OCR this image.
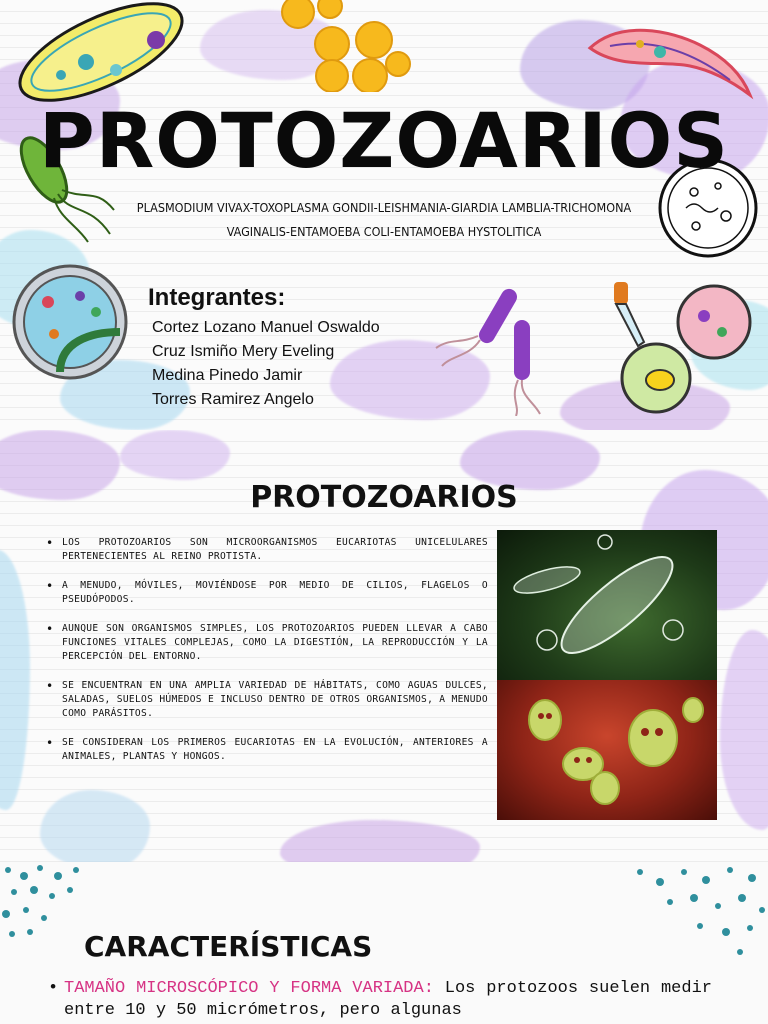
PROTOZOARIOS

PLASMODIUM VIVAX-TOXOPLASMA GONDII-LEISHMANIA-GIARDIA LAMBLIA-TRICHOMONA VAGINALIS-ENTAMOEBA COLI-ENTAMOEBA HYSTOLITICA

Integrantes:
Cortez Lozano Manuel Oswaldo
Cruz Ismiño Mery Eveling
Medina Pinedo Jamir
Torres Ramirez Angelo
PROTOZOARIOS
• LOS PROTOZOARIOS SON MICROORGANISMOS EUCARIOTAS UNICELULARES PERTENECIENTES AL REINO PROTISTA.
• A MENUDO, MÓVILES, MOVIÉNDOSE POR MEDIO DE CILIOS, FLAGELOS O PSEUDÓPODOS.
• AUNQUE SON ORGANISMOS SIMPLES, LOS PROTOZOARIOS PUEDEN LLEVAR A CABO FUNCIONES VITALES COMPLEJAS, COMO LA DIGESTIÓN, LA REPRODUCCIÓN Y LA PERCEPCIÓN DEL ENTORNO.
• SE ENCUENTRAN EN UNA AMPLIA VARIEDAD DE HÁBITATS, COMO AGUAS DULCES, SALADAS, SUELOS HÚMEDOS E INCLUSO DENTRO DE OTROS ORGANISMOS, A MENUDO COMO PARÁSITOS.
• SE CONSIDERAN LOS PRIMEROS EUCARIOTAS EN LA EVOLUCIÓN, ANTERIORES A ANIMALES, PLANTAS Y HONGOS.
CARACTERÍSTICAS

• TAMAÑO MICROSCÓPICO Y FORMA VARIADA: Los protozoos suelen medir entre 10 y 50 micrómetros, pero algunas
